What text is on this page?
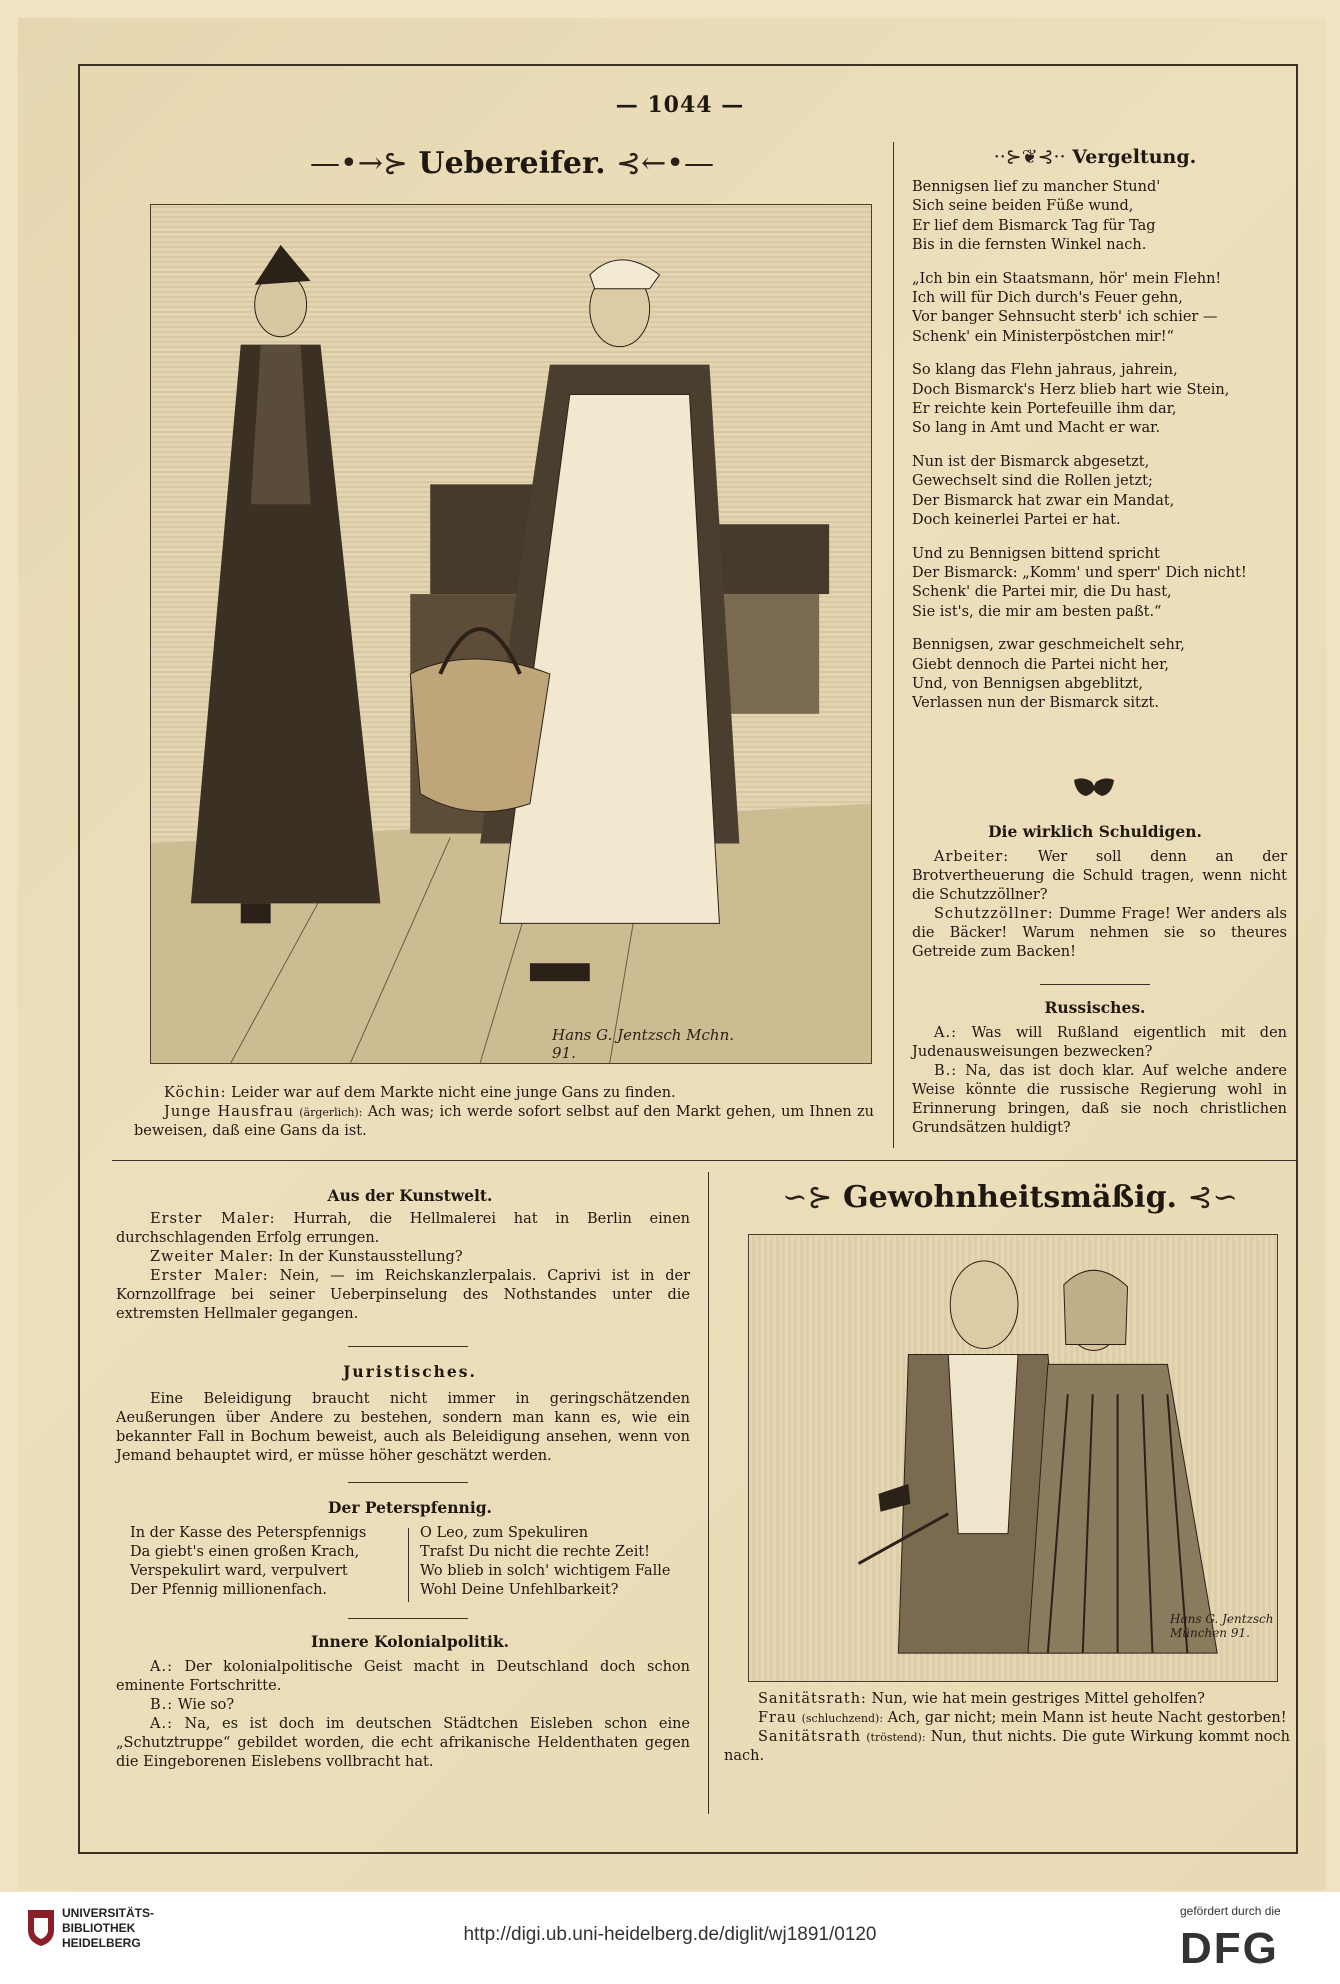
— 1044 —
—•→⊱ Uebereifer. ⊰←•—
Hans G. Jentzsch Mchn. 91.

Köchin: Leider war auf dem Markte nicht eine junge Gans zu finden.

Junge Hausfrau (ärgerlich): Ach was; ich werde sofort selbst auf den Markt gehen, um Ihnen zu beweisen, daß eine Gans da ist.

··⊱❦⊰·· Vergeltung.
Bennigsen lief zu mancher Stund'
Sich seine beiden Füße wund,
Er lief dem Bismarck Tag für Tag
Bis in die fernsten Winkel nach.
„Ich bin ein Staatsmann, hör' mein Flehn!
Ich will für Dich durch's Feuer gehn,
Vor banger Sehnsucht sterb' ich schier —
Schenk' ein Ministerpöstchen mir!“
So klang das Flehn jahraus, jahrein,
Doch Bismarck's Herz blieb hart wie Stein,
Er reichte kein Portefeuille ihm dar,
So lang in Amt und Macht er war.
Nun ist der Bismarck abgesetzt,
Gewechselt sind die Rollen jetzt;
Der Bismarck hat zwar ein Mandat,
Doch keinerlei Partei er hat.
Und zu Bennigsen bittend spricht
Der Bismarck: „Komm' und sperr' Dich nicht!
Schenk' die Partei mir, die Du hast,
Sie ist's, die mir am besten paßt.“
Bennigsen, zwar geschmeichelt sehr,
Giebt dennoch die Partei nicht her,
Und, von Bennigsen abgeblitzt,
Verlassen nun der Bismarck sitzt.
Die wirklich Schuldigen.

Arbeiter: Wer soll denn an der Brotvertheuerung die Schuld tragen, wenn nicht die Schutzzöllner?

Schutzzöllner: Dumme Frage! Wer anders als die Bäcker! Warum nehmen sie so theures Getreide zum Backen!

Russisches.

A.: Was will Rußland eigentlich mit den Judenausweisungen bezwecken?

B.: Na, das ist doch klar. Auf welche andere Weise könnte die russische Regierung wohl in Erinnerung bringen, daß sie noch christlichen Grundsätzen huldigt?

Aus der Kunstwelt.

Erster Maler: Hurrah, die Hellmalerei hat in Berlin einen durchschlagenden Erfolg errungen.

Zweiter Maler: In der Kunstausstellung?

Erster Maler: Nein, — im Reichskanzlerpalais. Caprivi ist in der Kornzollfrage bei seiner Ueberpinselung des Nothstandes unter die extremsten Hellmaler gegangen.

Juristisches.

Eine Beleidigung braucht nicht immer in geringschätzenden Aeußerungen über Andere zu bestehen, sondern man kann es, wie ein bekannter Fall in Bochum beweist, auch als Beleidigung ansehen, wenn von Jemand behauptet wird, er müsse höher geschätzt werden.

Der Peterspfennig.
In der Kasse des Peterspfennigs
Da giebt's einen großen Krach,
Verspekulirt ward, verpulvert
Der Pfennig millionenfach.
O Leo, zum Spekuliren
Trafst Du nicht die rechte Zeit!
Wo blieb in solch' wichtigem Falle
Wohl Deine Unfehlbarkeit?
Innere Kolonialpolitik.

A.: Der kolonialpolitische Geist macht in Deutschland doch schon eminente Fortschritte.

B.: Wie so?

A.: Na, es ist doch im deutschen Städtchen Eisleben schon eine „Schutztruppe“ gebildet worden, die echt afrikanische Heldenthaten gegen die Eingeborenen Eislebens vollbracht hat.

∽⊱ Gewohnheitsmäßig. ⊰∽
Hans G. Jentzsch München 91.

Sanitätsrath: Nun, wie hat mein gestriges Mittel geholfen?

Frau (schluchzend): Ach, gar nicht; mein Mann ist heute Nacht gestorben!

Sanitätsrath (tröstend): Nun, thut nichts. Die gute Wirkung kommt noch nach.

UNIVERSITÄTS-
BIBLIOTHEK
HEIDELBERG	http://digi.ub.uni-heidelberg.de/diglit/wj1891/0120
gefördert durch die
DFG
